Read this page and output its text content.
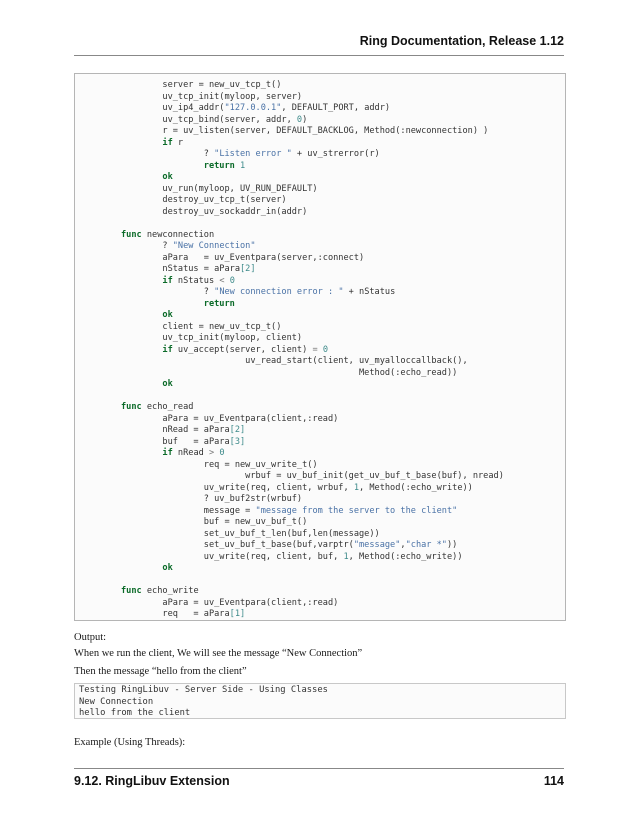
Ring Documentation, Release 1.12
server = new_uv_tcp_t()
uv_tcp_init(myloop, server)
uv_ip4_addr("127.0.0.1", DEFAULT_PORT, addr)
uv_tcp_bind(server, addr, 0)
r = uv_listen(server, DEFAULT_BACKLOG, Method(:newconnection) )
if r
? "Listen error " + uv_strerror(r)
return 1
ok
uv_run(myloop, UV_RUN_DEFAULT)
destroy_uv_tcp_t(server)
destroy_uv_sockaddr_in(addr)
func newconnection
? "New Connection"
aPara   = uv_Eventpara(server,:connect)
nStatus = aPara[2]
if nStatus < 0
? "New connection error : " + nStatus
return
ok
client = new_uv_tcp_t()
uv_tcp_init(myloop, client)
if uv_accept(server, client) = 0
uv_read_start(client, uv_myalloccallback(),
Method(:echo_read))
ok
func echo_read
aPara = uv_Eventpara(client,:read)
nRead = aPara[2]
buf   = aPara[3]
if nRead > 0
req = new_uv_write_t()
wrbuf = uv_buf_init(get_uv_buf_t_base(buf), nread)
uv_write(req, client, wrbuf, 1, Method(:echo_write))
? uv_buf2str(wrbuf)
message = "message from the server to the client"
buf = new_uv_buf_t()
set_uv_buf_t_len(buf,len(message))
set_uv_buf_t_base(buf,varptr("message","char *"))
uv_write(req, client, buf, 1, Method(:echo_write))
ok
func echo_write
aPara = uv_Eventpara(client,:read)
req   = aPara[1]
Output:
When we run the client, We will see the message “New Connection”
Then the message “hello from the client”
Testing RingLibuv - Server Side - Using Classes
New Connection
hello from the client
Example (Using Threads):
9.12. RingLibuv Extension	114
